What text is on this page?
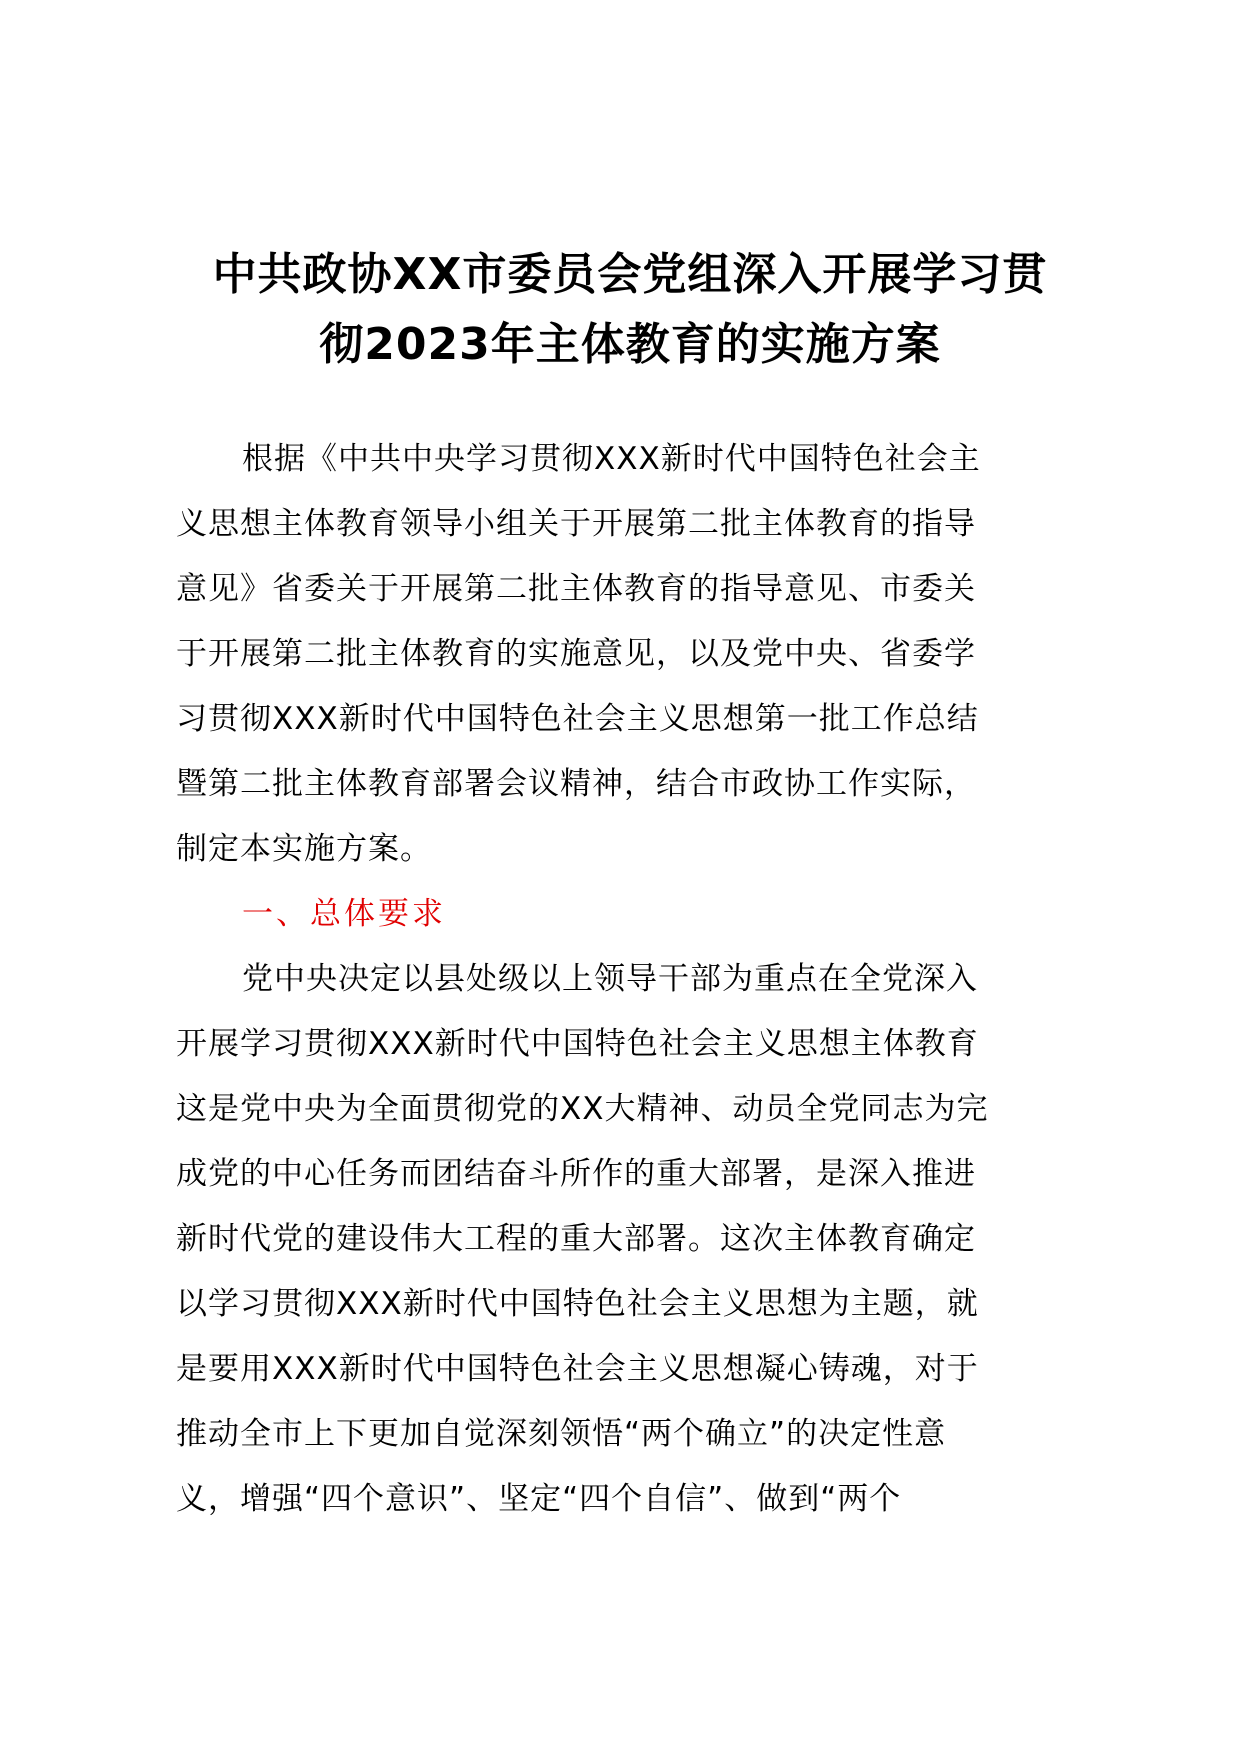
中共政协XX市委员会党组深入开展学习贯
彻2023年主体教育的实施方案
根据《中共中央学习贯彻XXX新时代中国特色社会主
义思想主体教育领导小组关于开展第二批主体教育的指导
意见》省委关于开展第二批主体教育的指导意见、市委关
于开展第二批主体教育的实施意见，以及党中央、省委学
习贯彻XXX新时代中国特色社会主义思想第一批工作总结
暨第二批主体教育部署会议精神，结合市政协工作实际，
制定本实施方案。
一、总体要求
党中央决定以县处级以上领导干部为重点在全党深入
开展学习贯彻XXX新时代中国特色社会主义思想主体教育
这是党中央为全面贯彻党的XX大精神、动员全党同志为完
成党的中心任务而团结奋斗所作的重大部署，是深入推进
新时代党的建设伟大工程的重大部署。这次主体教育确定
以学习贯彻XXX新时代中国特色社会主义思想为主题，就
是要用XXX新时代中国特色社会主义思想凝心铸魂，对于
推动全市上下更加自觉深刻领悟“两个确立”的决定性意
义，增强“四个意识”、坚定“四个自信”、做到“两个
